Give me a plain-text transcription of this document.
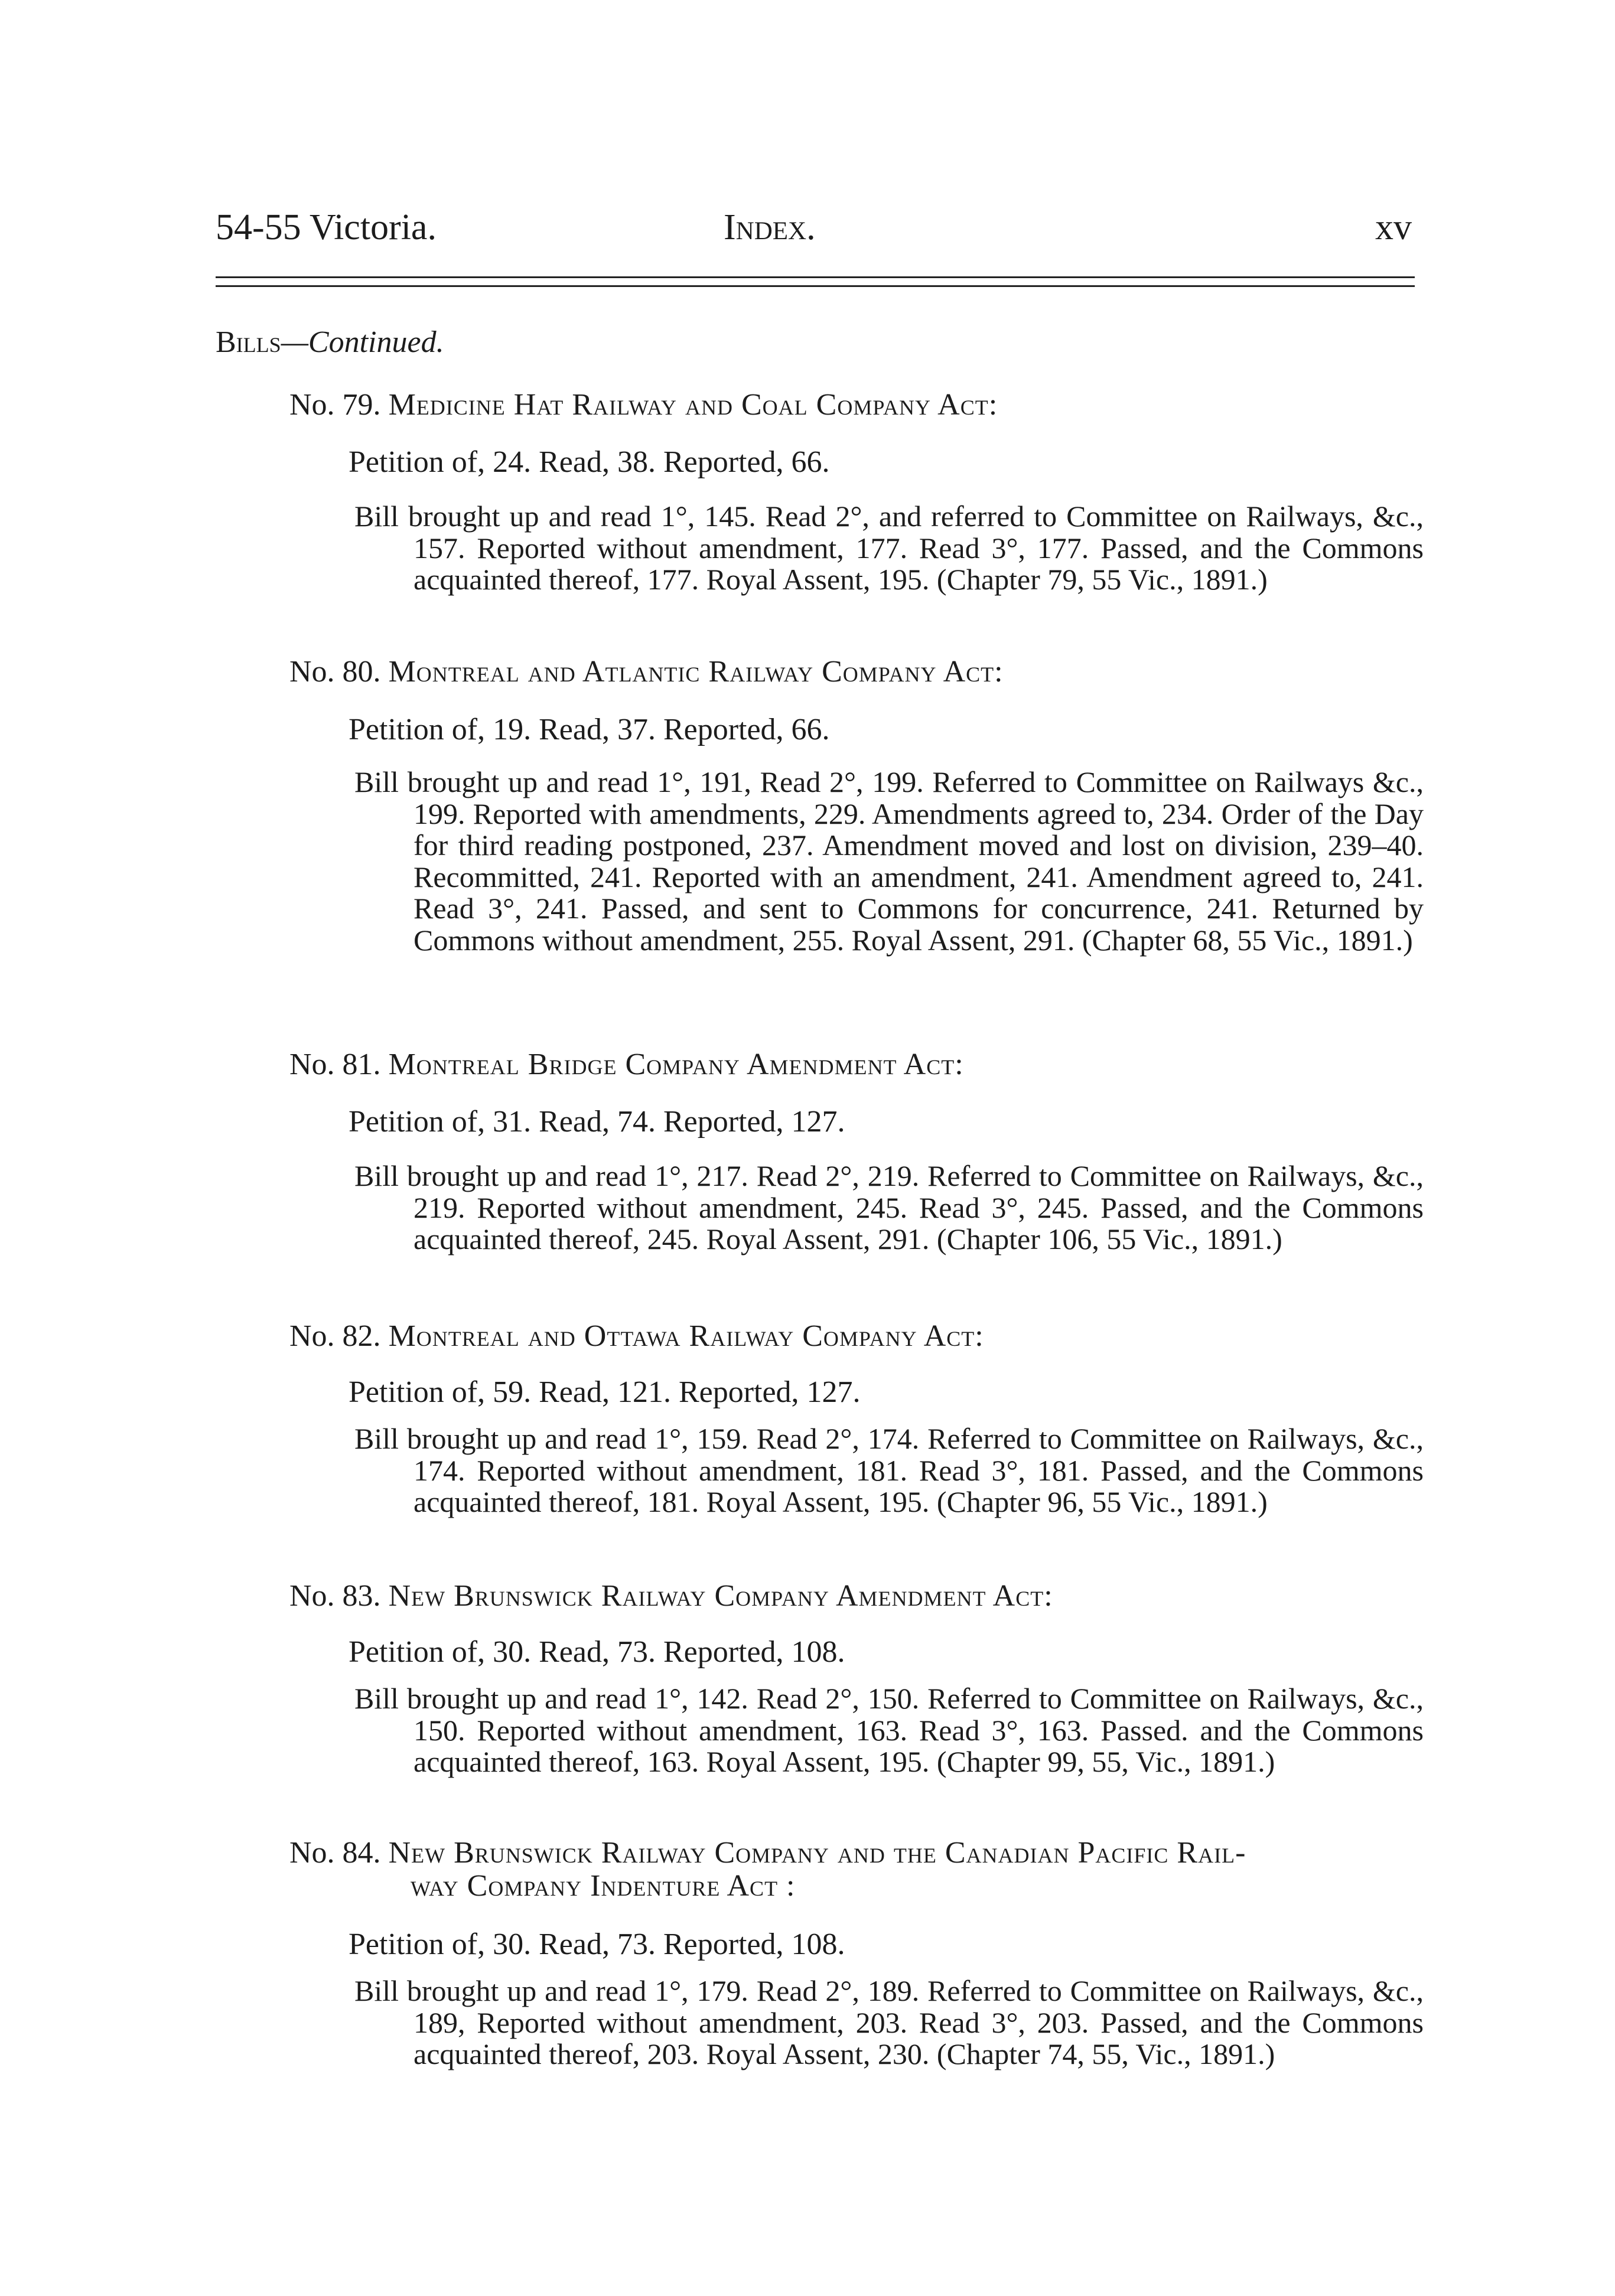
54-55 Victoria.	Index.	xv
Bills—Continued.
No. 79. Medicine Hat Railway and Coal Company Act:
Petition of, 24. Read, 38. Reported, 66.
Bill brought up and read 1°, 145. Read 2°, and referred to Committee on Railways, &c., 157. Reported without amendment, 177. Read 3°, 177. Passed, and the Commons acquainted thereof, 177. Royal Assent, 195. (Chapter 79, 55 Vic., 1891.)
No. 80. Montreal and Atlantic Railway Company Act:
Petition of, 19. Read, 37. Reported, 66.
Bill brought up and read 1°, 191, Read 2°, 199. Referred to Committee on Railways &c., 199. Reported with amendments, 229. Amendments agreed to, 234. Order of the Day for third reading postponed, 237. Amendment moved and lost on division, 239–40. Recommitted, 241. Reported with an amendment, 241. Amendment agreed to, 241. Read 3°, 241. Passed, and sent to Commons for concurrence, 241. Returned by Commons without amendment, 255. Royal Assent, 291. (Chapter 68, 55 Vic., 1891.)
No. 81. Montreal Bridge Company Amendment Act:
Petition of, 31. Read, 74. Reported, 127.
Bill brought up and read 1°, 217. Read 2°, 219. Referred to Committee on Railways, &c., 219. Reported without amendment, 245. Read 3°, 245. Passed, and the Commons acquainted thereof, 245. Royal Assent, 291. (Chapter 106, 55 Vic., 1891.)
No. 82. Montreal and Ottawa Railway Company Act:
Petition of, 59. Read, 121. Reported, 127.
Bill brought up and read 1°, 159. Read 2°, 174. Referred to Committee on Railways, &c., 174. Reported without amendment, 181. Read 3°, 181. Passed, and the Commons acquainted thereof, 181. Royal Assent, 195. (Chapter 96, 55 Vic., 1891.)
No. 83. New Brunswick Railway Company Amendment Act:
Petition of, 30. Read, 73. Reported, 108.
Bill brought up and read 1°, 142. Read 2°, 150. Referred to Committee on Railways, &c., 150. Reported without amendment, 163. Read 3°, 163. Passed. and the Commons acquainted thereof, 163. Royal Assent, 195. (Chapter 99, 55, Vic., 1891.)
No. 84. New Brunswick Railway Company and the Canadian Pacific Rail-
way Company Indenture Act :
Petition of, 30. Read, 73. Reported, 108.
Bill brought up and read 1°, 179. Read 2°, 189. Referred to Committee on Railways, &c., 189, Reported without amendment, 203. Read 3°, 203. Passed, and the Commons acquainted thereof, 203. Royal Assent, 230. (Chapter 74, 55, Vic., 1891.)
